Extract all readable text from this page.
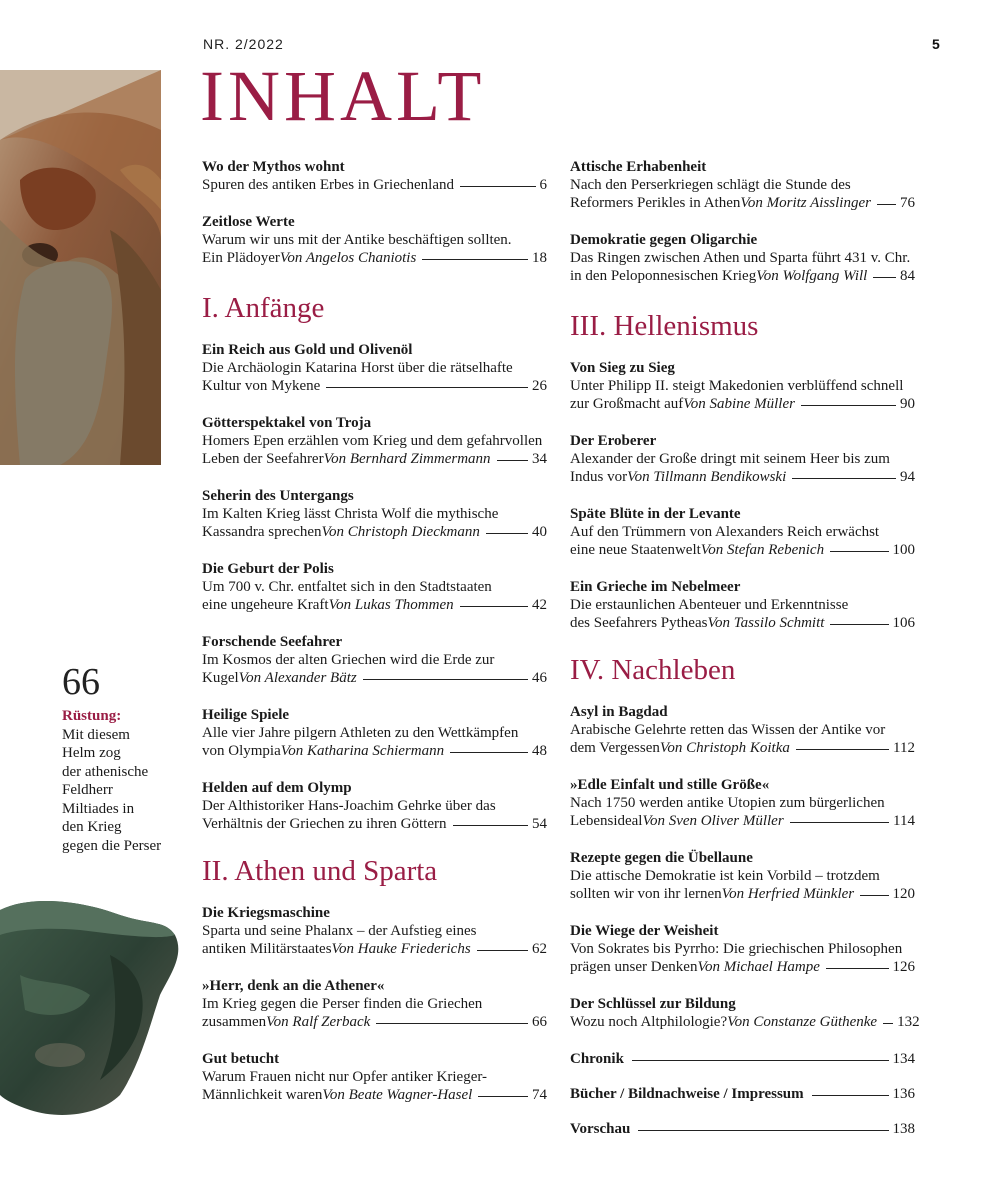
NR. 2/2022	5
INHALT
66
Rüstung:
Mit diesem
Helm zog
der athenische
Feldherr
Miltiades in
den Krieg
gegen die Perser
Wo der Mythos wohnt
Spuren des antiken Erbes in Griechenland	6
Zeitlose Werte
Warum wir uns mit der Antike beschäftigen sollten.
Ein Plädoyer Von Angelos Chaniotis	18
I. Anfänge
Ein Reich aus Gold und Olivenöl
Die Archäologin Katarina Horst über die rätselhafte
Kultur von Mykene	26
Götterspektakel von Troja
Homers Epen erzählen vom Krieg und dem gefahrvollen
Leben der Seefahrer Von Bernhard Zimmermann	34
Seherin des Untergangs
Im Kalten Krieg lässt Christa Wolf die mythische
Kassandra sprechen Von Christoph Dieckmann	40
Die Geburt der Polis
Um 700 v. Chr. entfaltet sich in den Stadtstaaten
eine ungeheure Kraft Von Lukas Thommen	42
Forschende Seefahrer
Im Kosmos der alten Griechen wird die Erde zur
Kugel Von Alexander Bätz	46
Heilige Spiele
Alle vier Jahre pilgern Athleten zu den Wettkämpfen
von Olympia Von Katharina Schiermann	48
Helden auf dem Olymp
Der Althistoriker Hans-Joachim Gehrke über das
Verhältnis der Griechen zu ihren Göttern	54
II. Athen und Sparta
Die Kriegsmaschine
Sparta und seine Phalanx – der Aufstieg eines
antiken Militärstaates Von Hauke Friederichs	62
»Herr, denk an die Athener«
Im Krieg gegen die Perser finden die Griechen
zusammen Von Ralf Zerback	66
Gut betucht
Warum Frauen nicht nur Opfer antiker Krieger-
Männlichkeit waren Von Beate Wagner-Hasel	74
Attische Erhabenheit
Nach den Perserkriegen schlägt die Stunde des
Reformers Perikles in Athen Von Moritz Aisslinger 76
Demokratie gegen Oligarchie
Das Ringen zwischen Athen und Sparta führt 431 v. Chr.
in den Peloponnesischen Krieg Von Wolfgang Will 84
III. Hellenismus
Von Sieg zu Sieg
Unter Philipp II. steigt Makedonien verblüffend schnell
zur Großmacht auf Von Sabine Müller	90
Der Eroberer
Alexander der Große dringt mit seinem Heer bis zum
Indus vor Von Tillmann Bendikowski	94
Späte Blüte in der Levante
Auf den Trümmern von Alexanders Reich erwächst
eine neue Staatenwelt Von Stefan Rebenich	100
Ein Grieche im Nebelmeer
Die erstaunlichen Abenteuer und Erkenntnisse
des Seefahrers Pytheas Von Tassilo Schmitt	106
IV. Nachleben
Asyl in Bagdad
Arabische Gelehrte retten das Wissen der Antike vor
dem Vergessen Von Christoph Koitka	112
»Edle Einfalt und stille Größe«
Nach 1750 werden antike Utopien zum bürgerlichen
Lebensideal Von Sven Oliver Müller	114
Rezepte gegen die Übellaune
Die attische Demokratie ist kein Vorbild – trotzdem
sollten wir von ihr lernen Von Herfried Münkler	120
Die Wiege der Weisheit
Von Sokrates bis Pyrrho: Die griechischen Philosophen
prägen unser Denken Von Michael Hampe	126
Der Schlüssel zur Bildung
Wozu noch Altphilologie? Von Constanze Güthenke 132
Chronik	134
Bücher / Bildnachweise / Impressum	136
Vorschau	138
